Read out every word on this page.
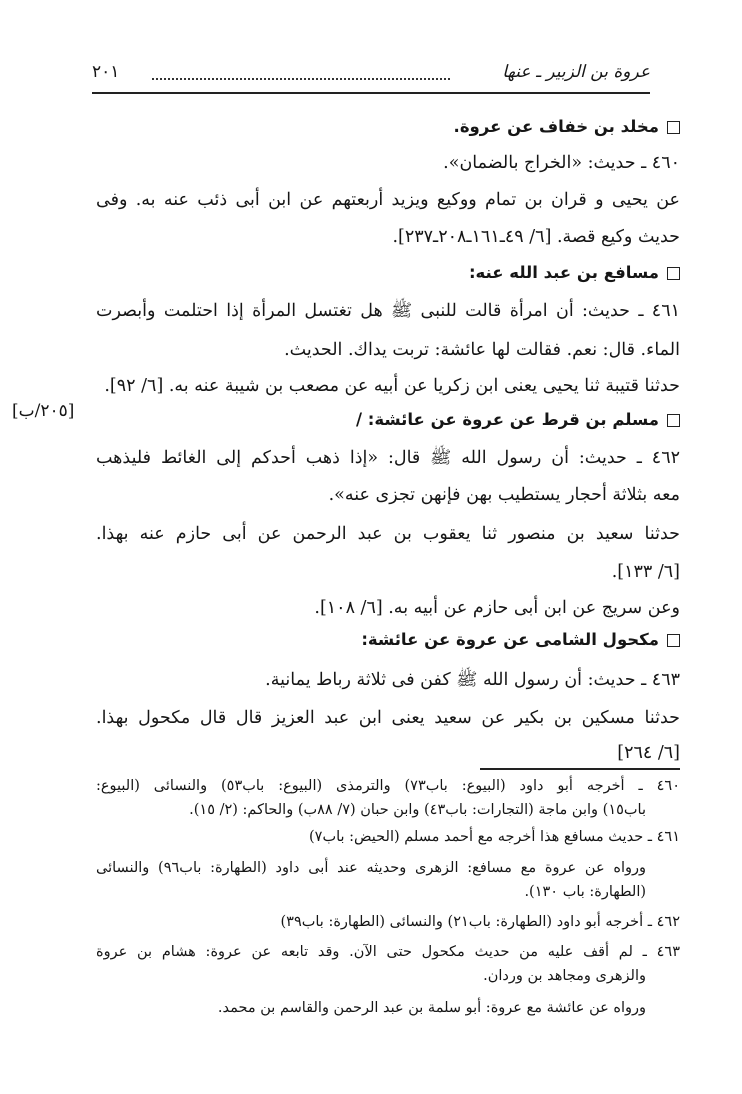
عروة بن الزبير ـ عنها
٢٠١
مخلد بن خفاف عن عروة.
٤٦٠ ـ حديث: «الخراج بالضمان».
عن يحيى و قران بن تمام ووكيع ويزيد أربعتهم عن ابن أبى ذئب عنه به. وفى
حديث وكيع قصة. [٦/ ٤٩ـ١٦١ـ٢٠٨ـ٢٣٧].
مسافع بن عبد الله عنه:
٤٦١ ـ حديث: أن امرأة قالت للنبى ﷺ هل تغتسل المرأة إذا احتلمت وأبصرت
الماء. قال: نعم. فقالت لها عائشة: تربت يداك. الحديث.
حدثنا قتيبة ثنا يحيى يعنى ابن زكريا عن أبيه عن مصعب بن شيبة عنه به. [٦/ ٩٢].
مسلم بن قرط عن عروة عن عائشة: /
٤٦٢ ـ حديث: أن رسول الله ﷺ قال: «إذا ذهب أحدكم إلى الغائط فليذهب
معه بثلاثة أحجار يستطيب بهن فإنهن تجزى عنه».
حدثنا سعيد بن منصور ثنا يعقوب بن عبد الرحمن عن أبى حازم عنه بهذا.
[٦/ ١٣٣].
وعن سريج عن ابن أبى حازم عن أبيه به. [٦/ ١٠٨].
مكحول الشامى عن عروة عن عائشة:
٤٦٣ ـ حديث: أن رسول الله ﷺ كفن فى ثلاثة رباط يمانية.
حدثنا مسكين بن بكير عن سعيد يعنى ابن عبد العزيز قال قال مكحول بهذا.
[٦/ ٢٦٤]
[٢٠٥/ب]
٤٦٠ ـ أخرجه أبو داود (البيوع: باب٧٣) والترمذى (البيوع: باب٥٣) والنسائى (البيوع:
باب١٥) وابن ماجة (التجارات: باب٤٣) وابن حبان (٧/ ٨٨ب) والحاكم: (٢/ ١٥).
٤٦١ ـ حديث مسافع هذا أخرجه مع أحمد مسلم (الحيض: باب٧)
ورواه عن عروة مع مسافع: الزهرى وحديثه عند أبى داود (الطهارة: باب٩٦) والنسائى
(الطهارة: باب ١٣٠).
٤٦٢ ـ أخرجه أبو داود (الطهارة: باب٢١) والنسائى (الطهارة: باب٣٩)
٤٦٣ ـ لم أقف عليه من حديث مكحول حتى الآن. وقد تابعه عن عروة: هشام بن عروة
والزهرى ومجاهد بن وردان.
ورواه عن عائشة مع عروة: أبو سلمة بن عبد الرحمن والقاسم بن محمد.
